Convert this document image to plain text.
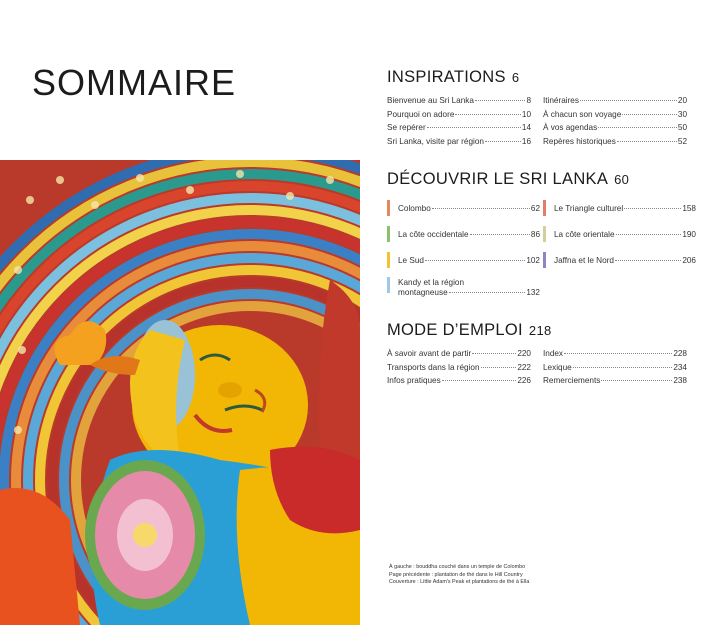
SOMMAIRE	INSPIRATIONS 6
Bienvenue au Sri Lanka	8
Pourquoi on adore	10
Se repérer	14
Sri Lanka, visite par région	16
Itinéraires	20
À chacun son voyage	30
À vos agendas	50
Repères historiques	52
DÉCOUVRIR LE SRI LANKA 60
Colombo	62 Le Triangle culturel	158
La côte occidentale	86 La côte orientale	190
Le Sud	102 Jaffna et le Nord	206
Kandy et la région
montagneuse	132
MODE D’EMPLOI 218
À savoir avant de partir	220
Transports dans la région	222
Infos pratiques	226
Index	228
Lexique	234
Remerciements	238
À gauche : bouddha couché dans un temple de Colombo
Page précédente : plantation de thé dans le Hill Country
Couverture : Little Adam's Peak et plantations de thé à Ella
